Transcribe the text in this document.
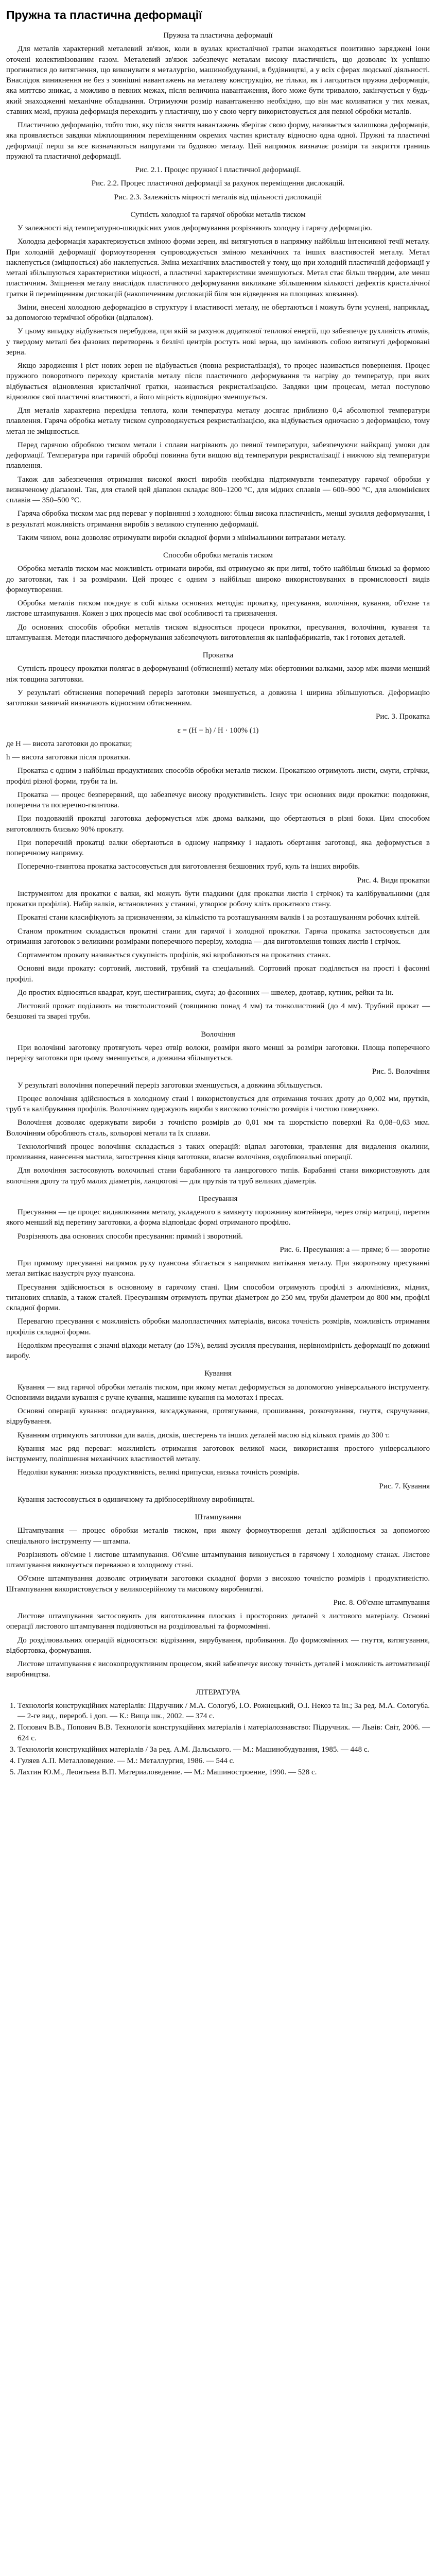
Пружна та пластична деформації
Пружна та пластична деформації

Для металів характерний металевий зв'язок, коли в вузлах кристалічної гратки знаходяться позитивно заряджені іони оточені колективізованим газом. Металевий зв'язок забезпечує металам високу пластичність, що дозволяє їх успішно прогинатися до витягнення, що виконувати я металургію, машинобудуванні, в будівництві, а у всіх сферах людської діяльності. Внаслідок виникнення не без з зовнішні навантажень на металеву конструкцію, не тільки, як і лагодиться пружна деформація, яка миттєво зникає, а можливо в певних межах, після величина навантаження, його може бути тривалою, закінчується у будь-який знаходженні механічне обладнання. Отримуючи розмір навантаженню необхідно, що він має коливатися у тих межах, ставних межі, пружна деформація переходить у пластичну, шо у свою чергу використовується для певної обробки металів.

Пластичною деформацію, тобто тою, яку після зняття навантажень зберігає свою форму, називається залишкова деформація, яка проявляється завдяки міжплощинним переміщенням окремих частин кристалу відносно одна одної. Пружні та пластичні деформації перш за все визначаються напругами та будовою металу. Цей напрямок визначає розміри та закриття границь пружної та пластичної деформації.

Рис. 2.1. Процес пружної і пластичної деформації.

Рис. 2.2. Процес пластичної деформації за рахунок переміщення дислокацій.

Рис. 2.3. Залежність міцності металів від щільності дислокацій

Сутність холодної та гарячої обробки металів тиском

У залежності від температурно-швидкісних умов деформування розрізняють холодну і гарячу деформацію.

Холодна деформація характеризується зміною форми зерен, які витягуються в напрямку найбільш інтенсивної течії металу. При холодній деформації формоутворення супроводжується зміною механічних та інших властивостей металу. Метал наклепується (зміцнюється) або наклепується. Зміна механічних властивостей у тому, що при холодній пластичній деформації у металі збільшуються характеристики міцності, а пластичні характеристики зменшуються. Метал стає більш твердим, але менш пластичним. Зміцнення металу внаслідок пластичного деформування викликане збільшенням кількості дефектів кристалічної гратки й переміщенням дислокацій (накопиченням дислокацій біля зон відведення на площинах ковзання).

Зміни, внесені холодною деформацією в структуру і властивості металу, не обертаються і можуть бути усунені, наприклад, за допомогою термічної обробки (відпалом).

У цьому випадку відбувається перебудова, при якій за рахунок додаткової теплової енергії, що забезпечує рухливість атомів, у твердому металі без фазових перетворень з безлічі центрів ростуть нові зерна, що заміняють собою витягнуті деформовані зерна.

Якщо зародження і ріст нових зерен не відбувається (повна рекристалізація), то процес називається повернення. Процес пружного поворотного переходу кристалів металу після пластичного деформування та нагріву до температур, при яких відбувається відновлення кристалічної гратки, називається рекристалізацією. Завдяки цим процесам, метал поступово відновлює свої пластичні властивості, а його міцність відповідно зменшується.

Для металів характерна перехідна теплота, коли температура металу досягає приблизно 0,4 абсолютної температури плавлення. Гаряча обробка металу тиском супроводжується рекристалізацією, яка відбувається одночасно з деформацією, тому метал не зміцнюється.

Перед гарячою обробкою тиском метали і сплави нагрівають до певної температури, забезпечуючи найкращі умови для деформації. Температура при гарячій обробці повинна бути вищою від температури рекристалізації і нижчою від температури плавлення.

Також для забезпечення отримання високої якості виробів необхідна підтримувати температуру гарячої обробки у визначеному діапазоні. Так, для сталей цей діапазон складає 800–1200 °C, для мідних сплавів — 600–900 °C, для алюмінієвих сплавів — 350–500 °C.

Гаряча обробка тиском має ряд переваг у порівнянні з холодною: більш висока пластичність, менші зусилля деформування, і в результаті можливість отримання виробів з великою ступенню деформації.

Таким чином, вона дозволяє отримувати вироби складної форми з мінімальними витратами металу.

Способи обробки металів тиском

Обробка металів тиском має можливість отримати вироби, які отримуємо як при литві, тобто найбільш близькі за формою до заготовки, так і за розмірами. Цей процес є одним з найбільш широко використовуваних в промисловості видів формоутворення.

Обробка металів тиском поєднує в собі кілька основних методів: прокатку, пресування, волочіння, кування, об'ємне та листове штампування. Кожен з цих процесів має свої особливості та призначення.

До основних способів обробки металів тиском відносяться процеси прокатки, пресування, волочіння, кування та штампування. Методи пластичного деформування забезпечують виготовлення як напівфабрикатів, так і готових деталей.

Прокатка

Сутність процесу прокатки полягає в деформуванні (обтисненні) металу між обертовими валками, зазор між якими менший ніж товщина заготовки.

У результаті обтиснення поперечний переріз заготовки зменшується, а довжина і ширина збільшуються. Деформацію заготовки зазвичай визначають відносним обтисненням.

Рис. 3. Прокатка

ε = (H − h) / H · 100% (1)

де H — висота заготовки до прокатки;

h — висота заготовки після прокатки.

Прокатка є одним з найбільш продуктивних способів обробки металів тиском. Прокаткою отримують листи, смуги, стрічки, профілі різної форми, труби та ін.

Прокатка — процес безперервний, що забезпечує високу продуктивність. Існує три основних види прокатки: поздовжня, поперечна та поперечно-гвинтова.

При поздовжній прокатці заготовка деформується між двома валками, що обертаються в різні боки. Цим способом виготовляють близько 90% прокату.

При поперечній прокатці валки обертаються в одному напрямку і надають обертання заготовці, яка деформується в поперечному напрямку.

Поперечно-гвинтова прокатка застосовується для виготовлення безшовних труб, куль та інших виробів.

Рис. 4. Види прокатки

Інструментом для прокатки є валки, які можуть бути гладкими (для прокатки листів і стрічок) та калібрувальними (для прокатки профілів). Набір валків, встановлених у станині, утворює робочу кліть прокатного стану.

Прокатні стани класифікують за призначенням, за кількістю та розташуванням валків і за розташуванням робочих клітей.

Станом прокатним складається прокатні стани для гарячої і холодної прокатки. Гаряча прокатка застосовується для отримання заготовок з великими розмірами поперечного перерізу, холодна — для виготовлення тонких листів і стрічок.

Сортаментом прокату називається сукупність профілів, які виробляються на прокатних станах.

Основні види прокату: сортовий, листовий, трубний та спеціальний. Сортовий прокат поділяється на прості і фасонні профілі.

До простих відносяться квадрат, круг, шестигранник, смуга; до фасонних — швелер, двотавр, кутник, рейки та ін.

Листовий прокат поділяють на товстолистовий (товщиною понад 4 мм) та тонколистовий (до 4 мм). Трубний прокат — безшовні та зварні труби.

Волочіння

При волочінні заготовку протягують через отвір волоки, розміри якого менші за розміри заготовки. Площа поперечного перерізу заготовки при цьому зменшується, а довжина збільшується.

Рис. 5. Волочіння

У результаті волочіння поперечний переріз заготовки зменшується, а довжина збільшується.

Процес волочіння здійснюється в холодному стані і використовується для отримання точних дроту до 0,002 мм, прутків, труб та калібрування профілів. Волочінням одержують вироби з високою точністю розмірів і чистою поверхнею.

Волочіння дозволяє одержувати вироби з точністю розмірів до 0,01 мм та шорсткістю поверхні Ra 0,08–0,63 мкм. Волочінням обробляють сталь, кольорові метали та їх сплави.

Технологічний процес волочіння складається з таких операцій: відпал заготовки, травлення для видалення окалини, промивання, нанесення мастила, загострення кінця заготовки, власне волочіння, оздоблювальні операції.

Для волочіння застосовують волочильні стани барабанного та ланцюгового типів. Барабанні стани використовують для волочіння дроту та труб малих діаметрів, ланцюгові — для прутків та труб великих діаметрів.

Пресування

Пресування — це процес видавлювання металу, укладеного в замкнуту порожнину контейнера, через отвір матриці, перетин якого менший від перетину заготовки, а форма відповідає формі отриманого профілю.

Розрізняють два основних способи пресування: прямий і зворотний.

Рис. 6. Пресування: а — пряме; б — зворотне

При прямому пресуванні напрямок руху пуансона збігається з напрямком витікання металу. При зворотному пресуванні метал витікає назустріч руху пуансона.

Пресування здійснюється в основному в гарячому стані. Цим способом отримують профілі з алюмінієвих, мідних, титанових сплавів, а також сталей. Пресуванням отримують прутки діаметром до 250 мм, труби діаметром до 800 мм, профілі складної форми.

Перевагою пресування є можливість обробки малопластичних матеріалів, висока точність розмірів, можливість отримання профілів складної форми.

Недоліком пресування є значні відходи металу (до 15%), великі зусилля пресування, нерівномірність деформації по довжині виробу.

Кування

Кування — вид гарячої обробки металів тиском, при якому метал деформується за допомогою універсального інструменту. Основними видами кування є ручне кування, машинне кування на молотах і пресах.

Основні операції кування: осаджування, висаджування, протягування, прошивання, розкочування, гнуття, скручування, відрубування.

Куванням отримують заготовки для валів, дисків, шестерень та інших деталей масою від кількох грамів до 300 т.

Кування має ряд переваг: можливість отримання заготовок великої маси, використання простого універсального інструменту, поліпшення механічних властивостей металу.

Недоліки кування: низька продуктивність, великі припуски, низька точність розмірів.

Рис. 7. Кування

Кування застосовується в одиничному та дрібносерійному виробництві.

Штампування

Штампування — процес обробки металів тиском, при якому формоутворення деталі здійснюється за допомогою спеціального інструменту — штампа.

Розрізняють об'ємне і листове штампування. Об'ємне штампування виконується в гарячому і холодному станах. Листове штампування виконується переважно в холодному стані.

Об'ємне штампування дозволяє отримувати заготовки складної форми з високою точністю розмірів і продуктивністю. Штампування використовується у великосерійному та масовому виробництві.

Рис. 8. Об'ємне штампування

Листове штампування застосовують для виготовлення плоских і просторових деталей з листового матеріалу. Основні операції листового штампування поділяються на розділювальні та формозмінні.

До розділювальних операцій відносяться: відрізання, вирубування, пробивання. До формозмінних — гнуття, витягування, відбортовка, формування.

Листове штампування є високопродуктивним процесом, який забезпечує високу точність деталей і можливість автоматизації виробництва.

ЛІТЕРАТУРА
1. Технологія конструкційних матеріалів: Підручник / М.А. Сологуб, І.О. Рожнецький, О.І. Некоз та ін.; За ред. М.А. Сологуба. — 2-ге вид., перероб. і доп. — К.: Вища шк., 2002. — 374 с.
2. Попович В.В., Попович В.В. Технологія конструкційних матеріалів і матеріалознавство: Підручник. — Львів: Світ, 2006. — 624 с.
3. Технологія конструкційних матеріалів / За ред. А.М. Дальського. — М.: Машинобудування, 1985. — 448 с.
4. Гуляев А.П. Металловедение. — М.: Металлургия, 1986. — 544 с.
5. Лахтин Ю.М., Леонтьева В.П. Материаловедение. — М.: Машиностроение, 1990. — 528 с.
